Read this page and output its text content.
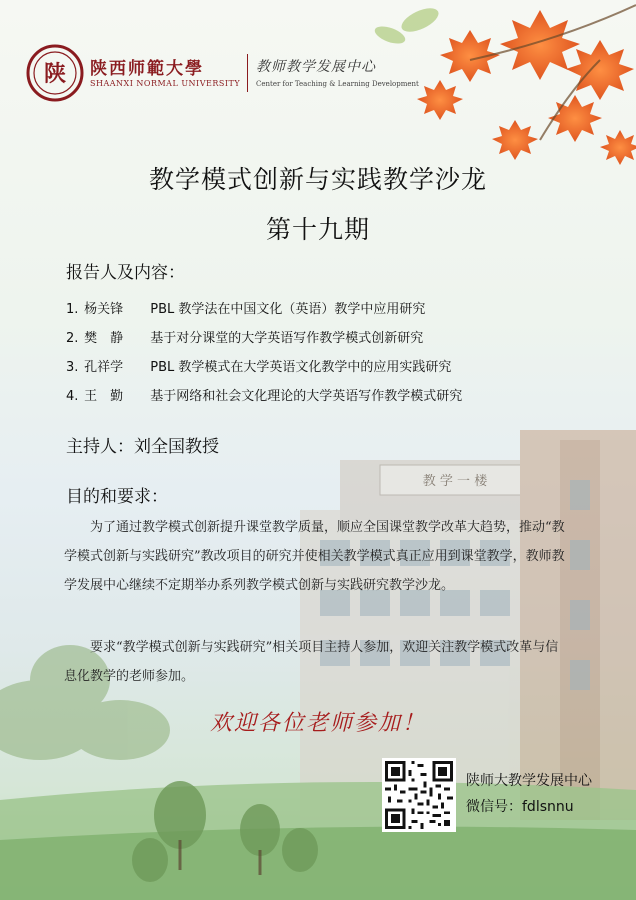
教 学 一 楼
陕 陕西师範大學
SHAANXI NORMAL UNIVERSITY
教师教学发展中心
Center for Teaching & Learning Development
教学模式创新与实践教学沙龙
第十九期
报告人及内容：
1. 杨关锋 PBL 教学法在中国文化（英语）教学中应用研究
2. 樊　静 基于对分课堂的大学英语写作教学模式创新研究
3. 孔祥学 PBL 教学模式在大学英语文化教学中的应用实践研究
4. 王　勤 基于网络和社会文化理论的大学英语写作教学模式研究
主持人：刘全国教授
目的和要求：
为了通过教学模式创新提升课堂教学质量，顺应全国课堂教学改革大趋势，推动“教学模式创新与实践研究”教改项目的研究并使相关教学模式真正应用到课堂教学，教师教学发展中心继续不定期举办系列教学模式创新与实践研究教学沙龙。
要求“教学模式创新与实践研究”相关项目主持人参加，欢迎关注教学模式改革与信息化教学的老师参加。
欢迎各位老师参加！
陕师大教学发展中心
微信号：fdlsnnu
